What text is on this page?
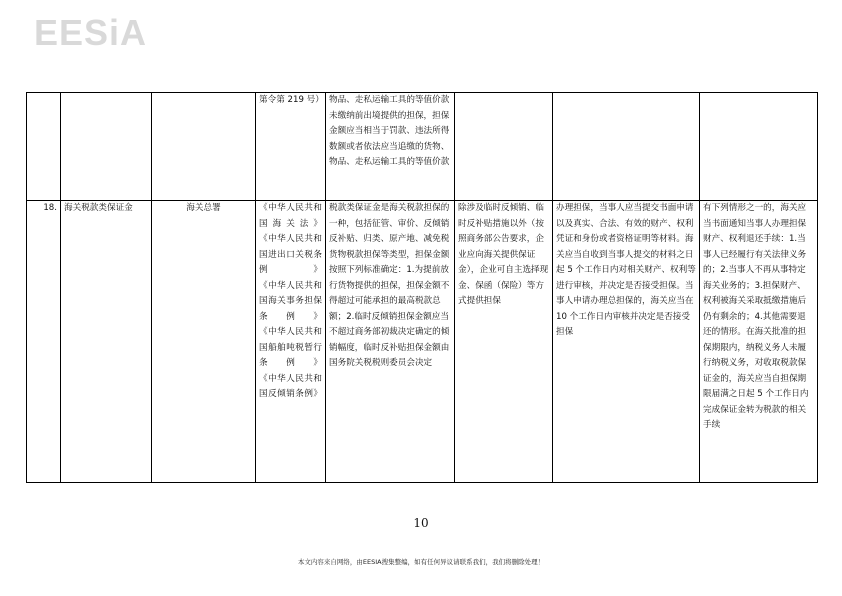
EESiA
			第令第 219 号）	物品、走私运输工具的等值价款未缴纳前出境提供的担保，担保金额应当相当于罚款、违法所得数额或者依法应当追缴的货物、物品、走私运输工具的等值价款			
18.	海关税款类保证金	海关总署	《中华人民共和国海关法》
《中华人民共和国进出口关税条例》
《中华人民共和国海关事务担保条例》
《中华人民共和国船舶吨税暂行条例》
《中华人民共和国反倾销条例》	税款类保证金是海关税款担保的一种，包括征管、审价、反倾销反补贴、归类、原产地、减免税货物税款担保等类型，担保金额按照下列标准确定：1.为提前放行货物提供的担保，担保金额不得超过可能承担的最高税款总额；2.临时反倾销担保金额应当不超过商务部初裁决定确定的倾销幅度，临时反补贴担保金额由国务院关税税则委员会决定	除涉及临时反倾销、临时反补贴措施以外（按照商务部公告要求，企业应向海关提供保证金），企业可自主选择现金、保函（保险）等方式提供担保	办理担保，当事人应当提交书面申请以及真实、合法、有效的财产、权利凭证和身份或者资格证明等材料。海关应当自收到当事人提交的材料之日起 5 个工作日内对相关财产、权利等进行审核，并决定是否接受担保。当事人申请办理总担保的，海关应当在 10 个工作日内审核并决定是否接受担保	有下列情形之一的，海关应当书面通知当事人办理担保财产、权利退还手续：1.当事人已经履行有关法律义务的；2.当事人不再从事特定海关业务的；3.担保财产、权利被海关采取抵缴措施后仍有剩余的；4.其他需要退还的情形。在海关批准的担保期限内，纳税义务人未履行纳税义务，对收取税款保证金的，海关应当自担保期限届满之日起 5 个工作日内完成保证金转为税款的相关手续
10
本文内容来自网络，由EESIA搜集整编，如有任何异议请联系我们，我们将删除处理！
